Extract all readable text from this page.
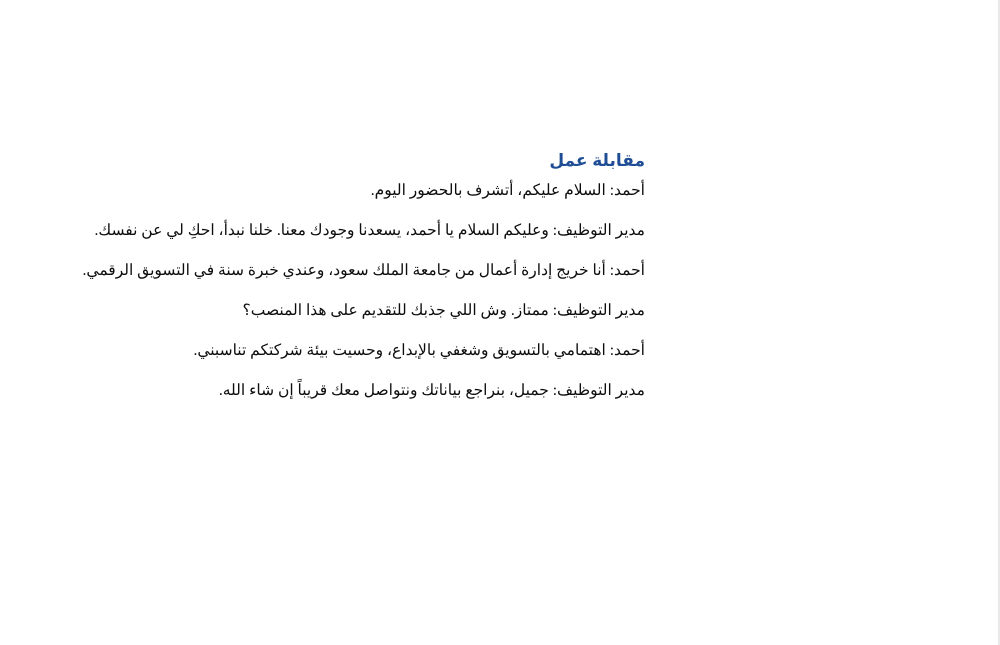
مقابلة عمل

أحمد: السلام عليكم، أتشرف بالحضور اليوم.

مدير التوظيف: وعليكم السلام يا أحمد، يسعدنا وجودك معنا. خلنا نبدأ، احكِ لي عن نفسك.

أحمد: أنا خريج إدارة أعمال من جامعة الملك سعود، وعندي خبرة سنة في التسويق الرقمي.

مدير التوظيف: ممتاز. وش اللي جذبك للتقديم على هذا المنصب؟

أحمد: اهتمامي بالتسويق وشغفي بالإبداع، وحسيت بيئة شركتكم تناسبني.

مدير التوظيف: جميل، بنراجع بياناتك ونتواصل معك قريباً إن شاء الله.
